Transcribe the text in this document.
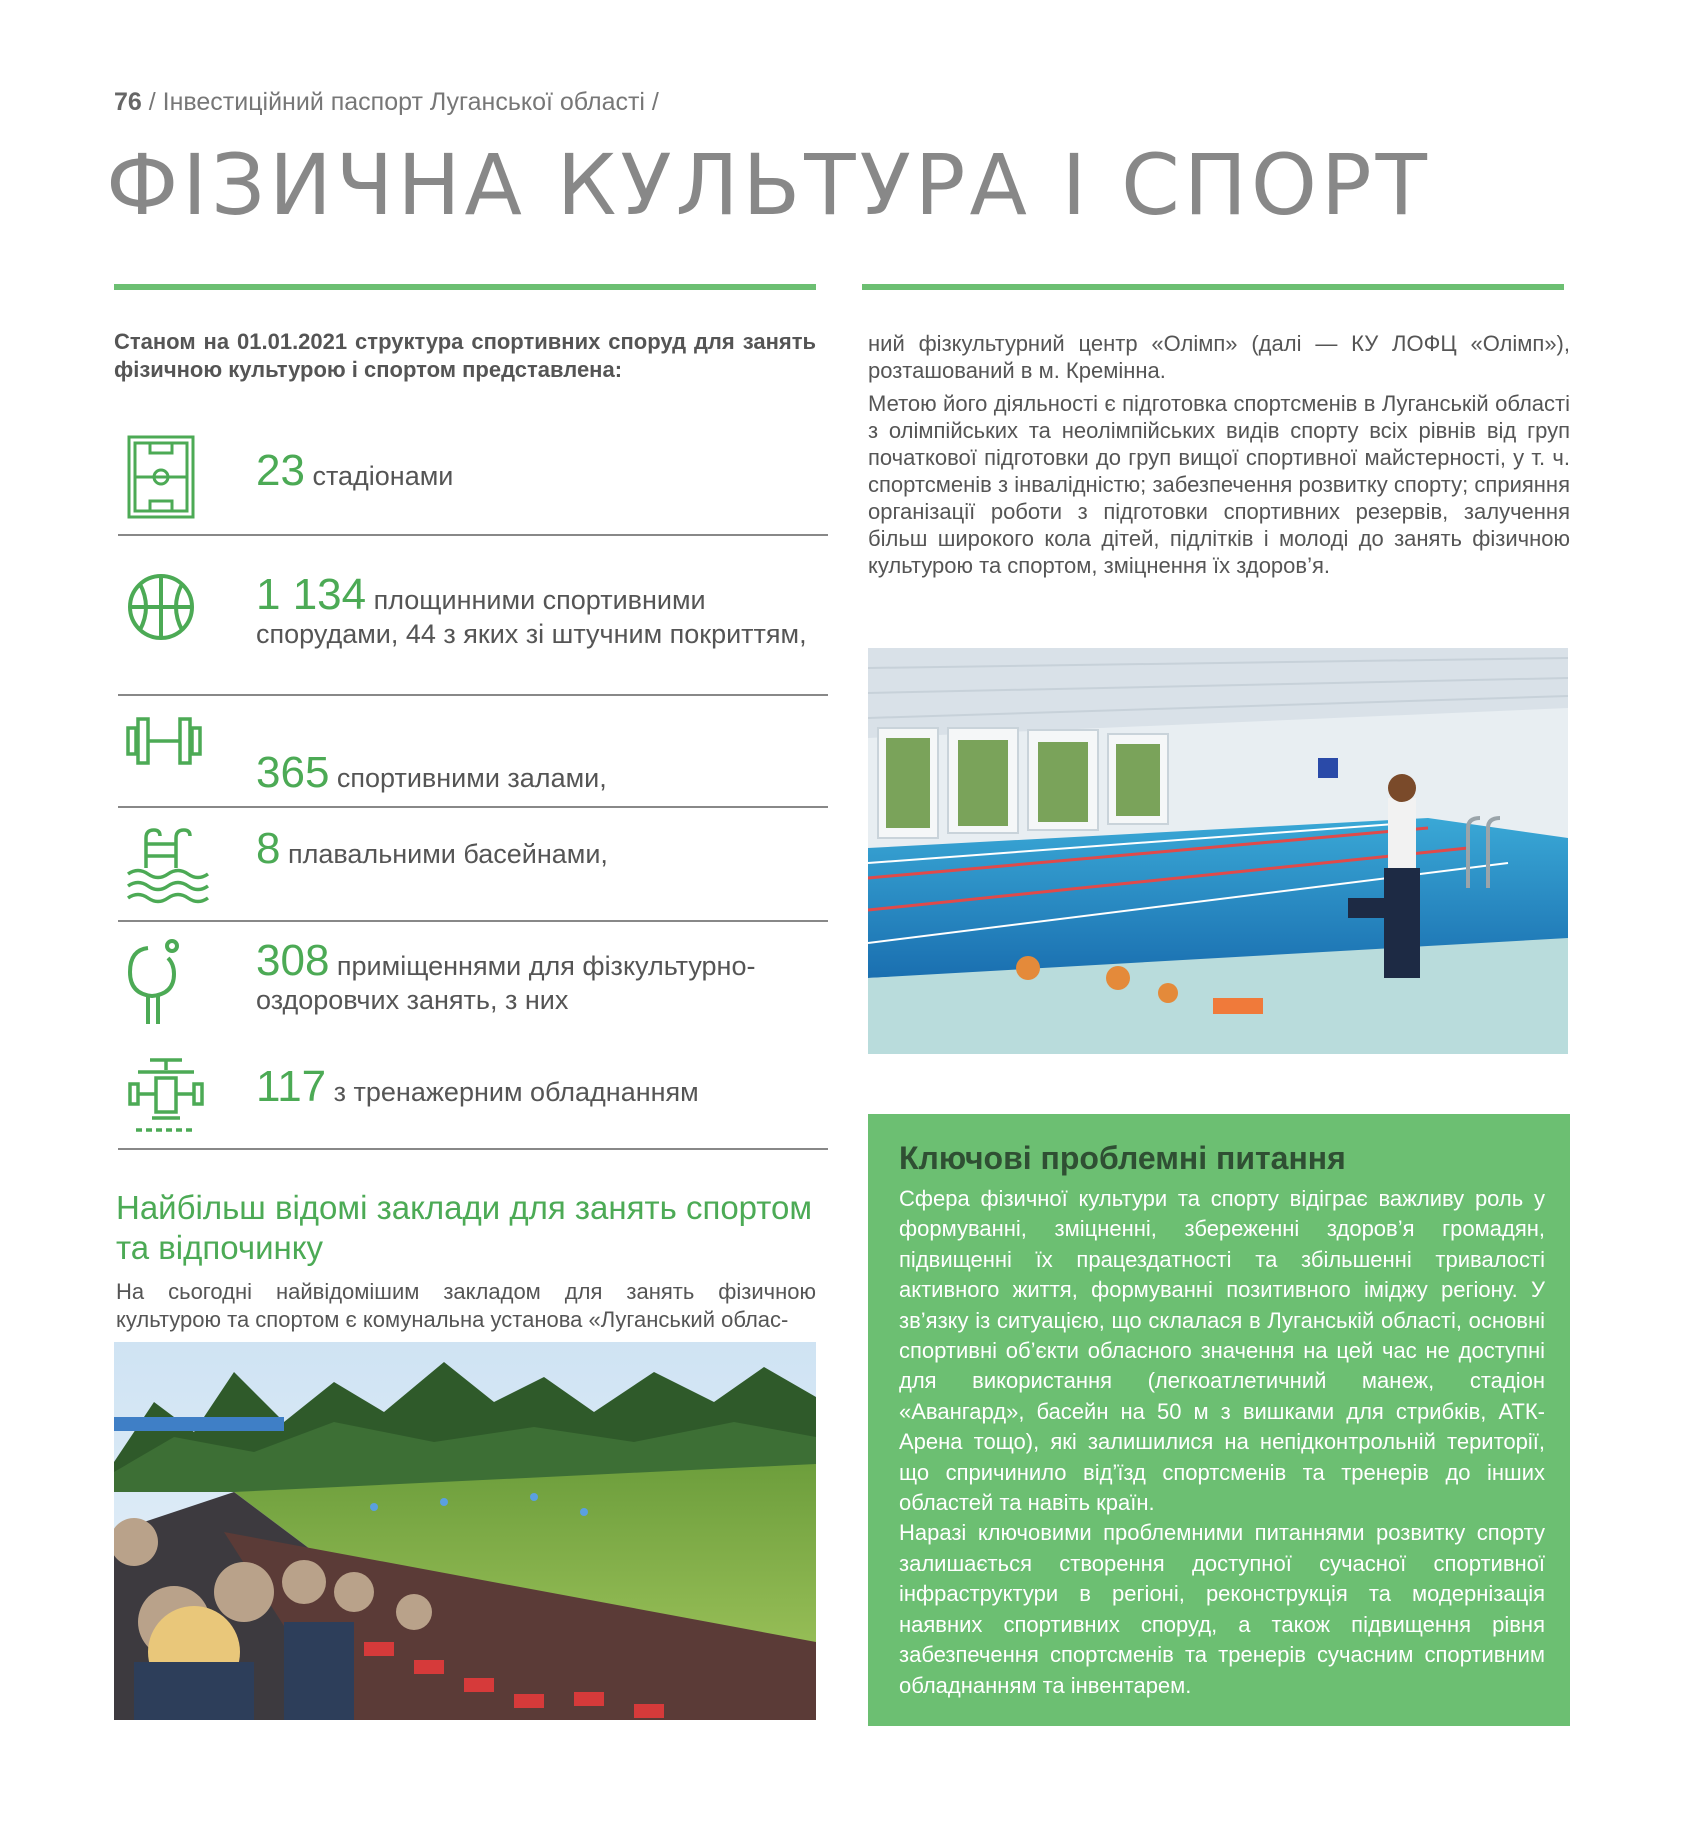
76 / Інвестиційний паспорт Луганської області /
ФІЗИЧНА КУЛЬТУРА І СПОРТ
Станом на 01.01.2021 структура спортивних споруд для занять фізичною культурою і спортом представлена:
23 стадіонами
1 134 площинними спортивними спорудами, 44 з яких зі штучним покриттям,
365 спортивними залами,
8 плавальними басейнами,
308 приміщеннями для фізкультурно-оздоровчих занять, з них
117 з тренажерним обладнанням
Найбільш відомі заклади для занять спортом та відпочинку
На сьогодні найвідомішим закладом для занять фізичною культурою та спортом є комунальна установа «Луганський облас-
ний фізкультурний центр «Олімп» (далі — КУ ЛОФЦ «Олімп»), розташований в м. Кремінна.
Метою його діяльності є підготовка спортсменів в Луганській області з олімпійських та неолімпійських видів спорту всіх рівнів від груп початкової підготовки до груп вищої спортивної майстерності, у т. ч. спортсменів з інвалідністю; забезпечення розвитку спорту; сприяння організації роботи з підготовки спортивних резервів, залучення більш широкого кола дітей, підлітків і молоді до занять фізичною культурою та спортом, зміцнення їх здоров’я.
Ключові проблемні питання

Сфера фізичної культури та спорту відіграє важливу роль у формуванні, зміцненні, збереженні здоров’я громадян, підвищенні їх працездатності та збільшенні тривалості активного життя, формуванні позитивного іміджу регіону. У зв’язку із ситуацією, що склалася в Луганській області, основні спортивні об’єкти обласного значення на цей час не доступні для використання (легкоатлетичний манеж, стадіон «Авангард», басейн на 50 м з вишками для стрибків, АТК-Арена тощо), які залишилися на непідконтрольній території, що спричинило від’їзд спортсменів та тренерів до інших областей та навіть країн.

Наразі ключовими проблемними питаннями розвитку спорту залишається створення доступної сучасної спортивної інфраструктури в регіоні, реконструкція та модернізація наявних спортивних споруд, а також підвищення рівня забезпечення спортсменів та тренерів сучасним спортивним обладнанням та інвентарем.
